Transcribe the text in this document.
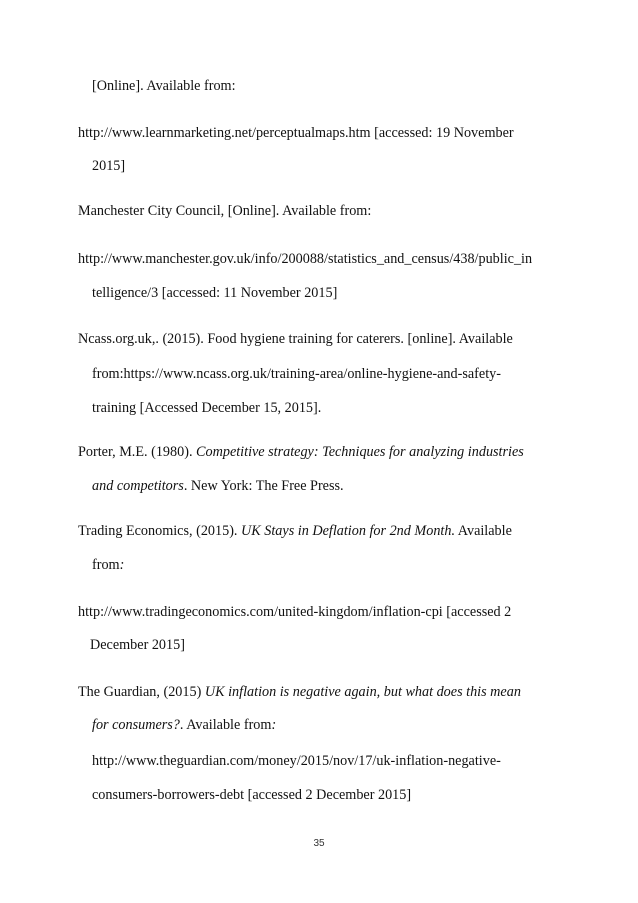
[Online]. Available from:
http://www.learnmarketing.net/perceptualmaps.htm [accessed: 19 November
2015]
Manchester City Council, [Online]. Available from:
http://www.manchester.gov.uk/info/200088/statistics_and_census/438/public_in
telligence/3 [accessed: 11 November 2015]
Ncass.org.uk,. (2015). Food hygiene training for caterers. [online]. Available
from:https://www.ncass.org.uk/training-area/online-hygiene-and-safety-
training [Accessed December 15, 2015].
Porter, M.E. (1980). Competitive strategy: Techniques for analyzing industries
and competitors. New York: The Free Press.
Trading Economics, (2015). UK Stays in Deflation for 2nd Month. Available
from:
http://www.tradingeconomics.com/united-kingdom/inflation-cpi [accessed 2
December 2015]
The Guardian, (2015) UK inflation is negative again, but what does this mean
for consumers?. Available from:
http://www.theguardian.com/money/2015/nov/17/uk-inflation-negative-
consumers-borrowers-debt [accessed 2 December 2015]
35
